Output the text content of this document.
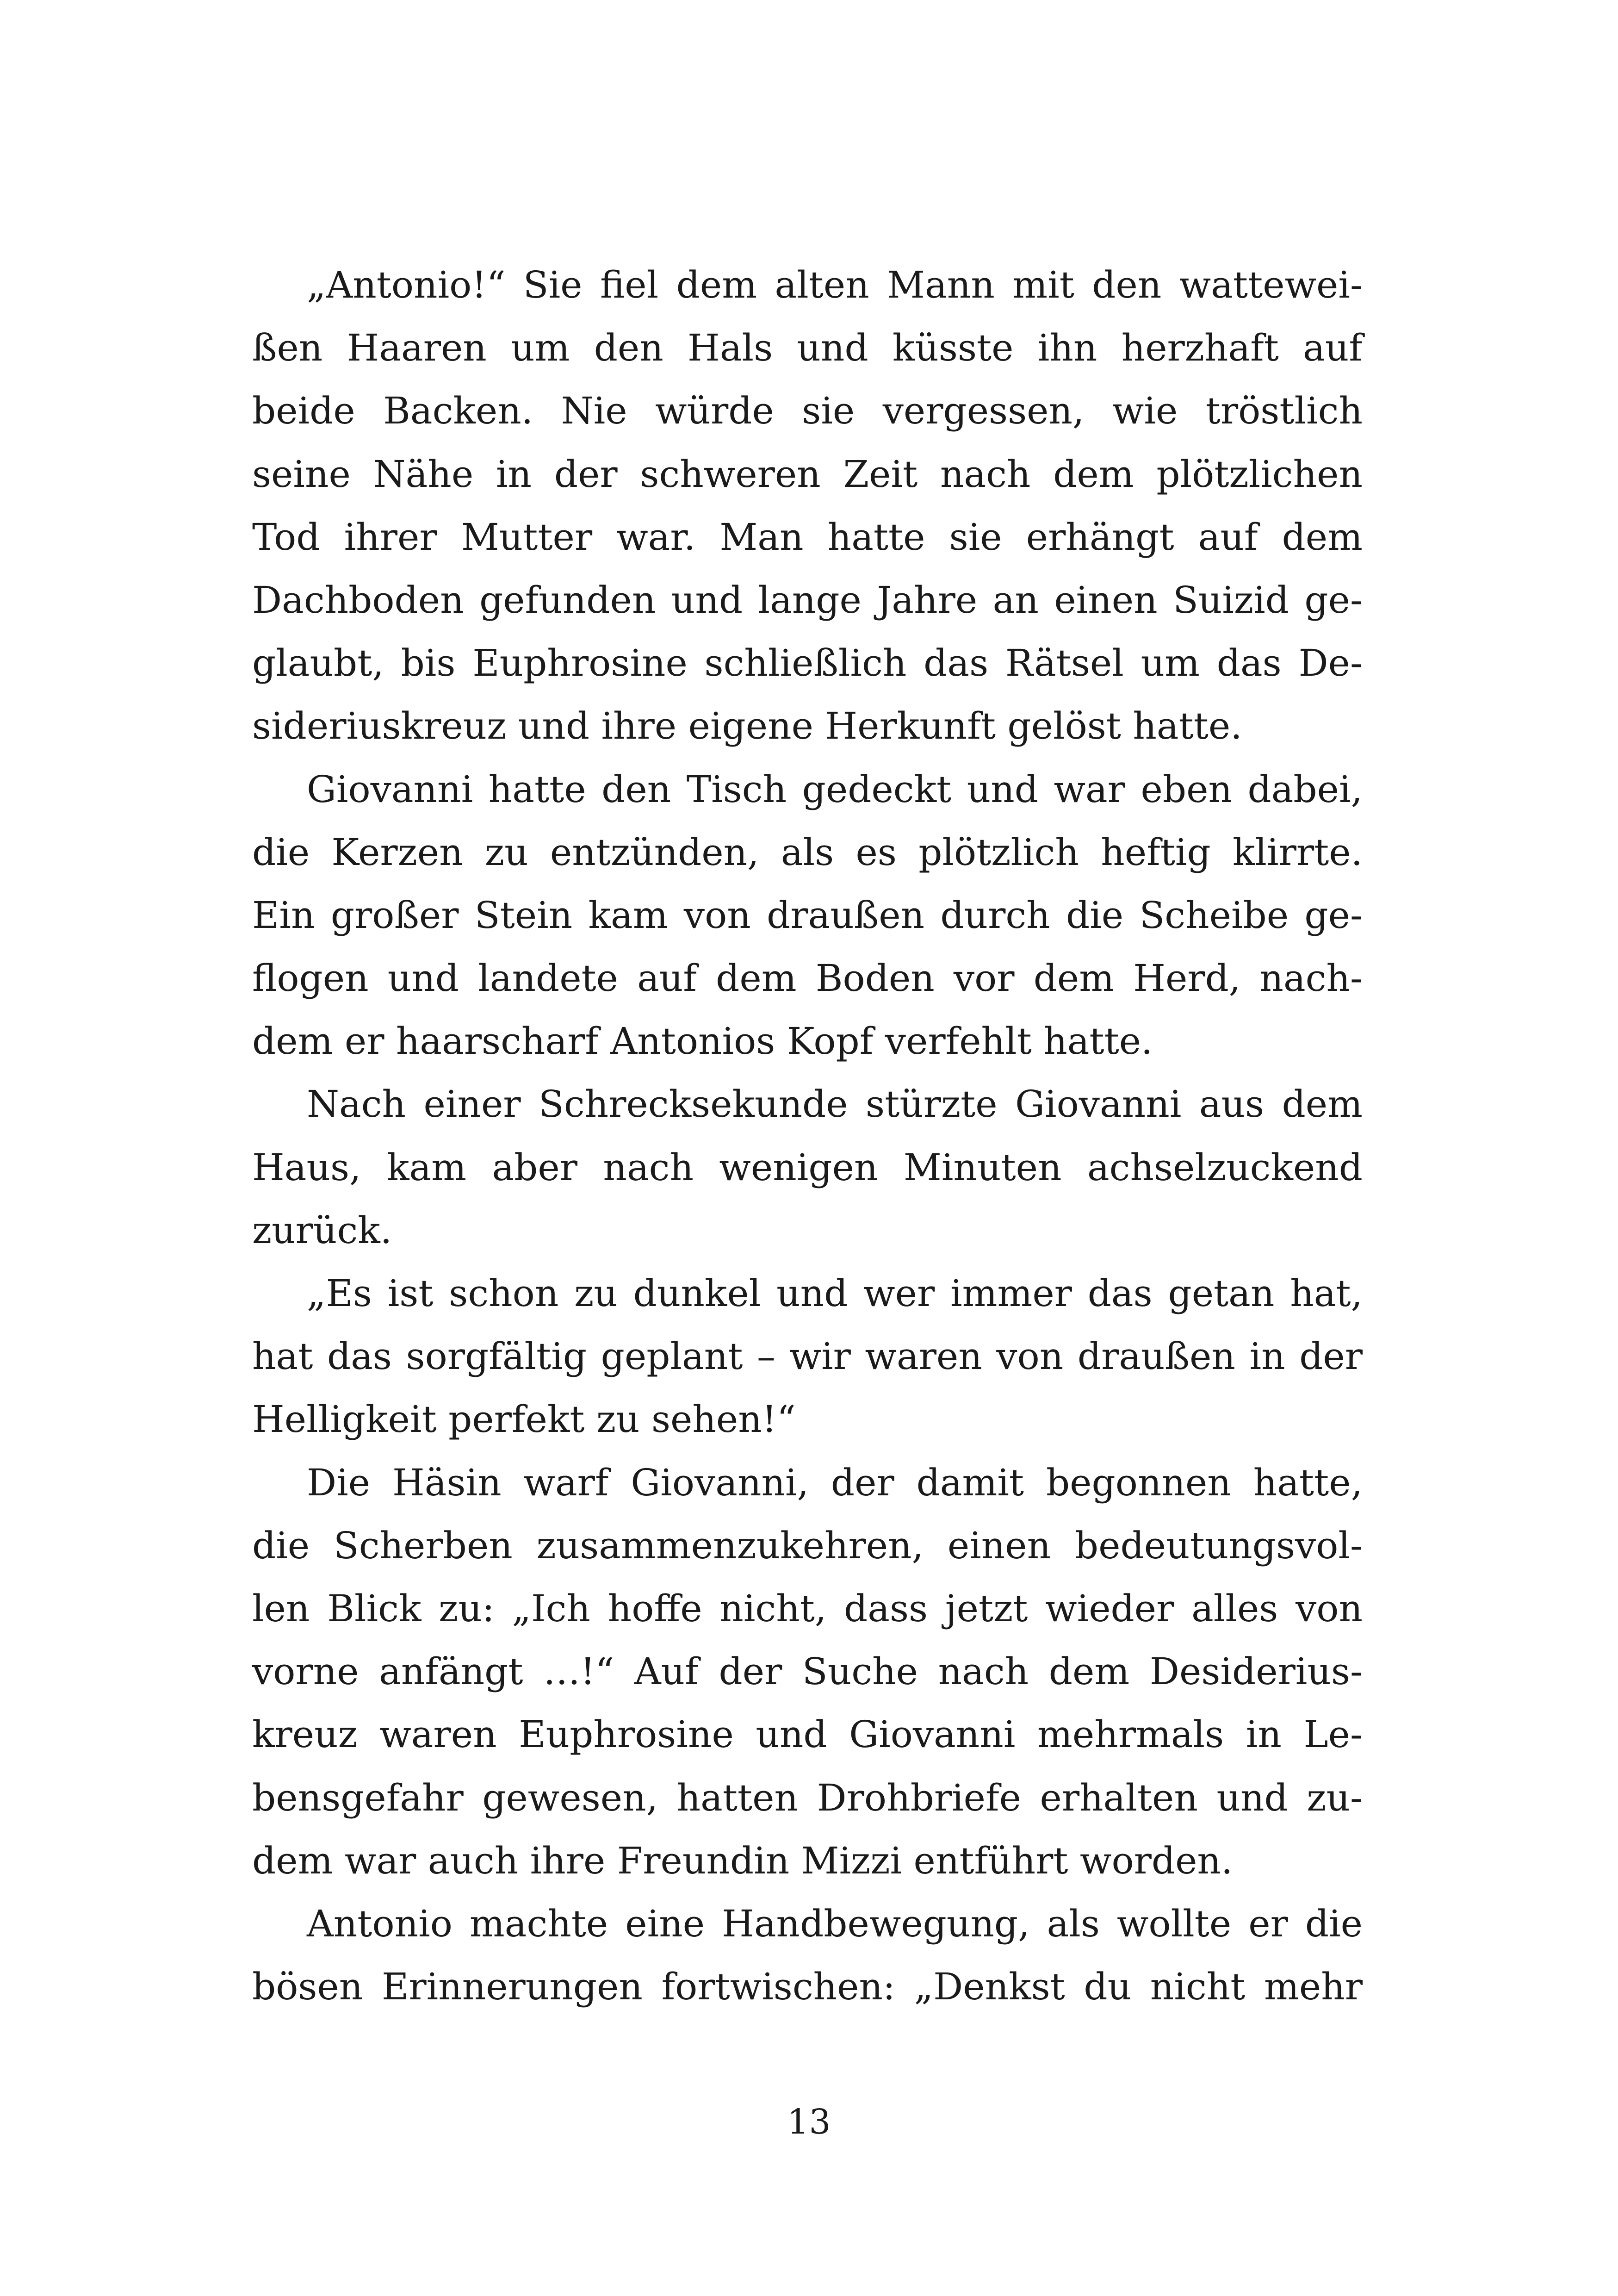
„Antonio!“ Sie fiel dem alten Mann mit den wattewei-
ßen Haaren um den Hals und küsste ihn herzhaft auf
beide Backen. Nie würde sie vergessen, wie tröstlich
seine Nähe in der schweren Zeit nach dem plötzlichen
Tod ihrer Mutter war. Man hatte sie erhängt auf dem
Dachboden gefunden und lange Jahre an einen Suizid ge-
glaubt, bis Euphrosine schließlich das Rätsel um das De-
sideriuskreuz und ihre eigene Herkunft gelöst hatte.
Giovanni hatte den Tisch gedeckt und war eben dabei,
die Kerzen zu entzünden, als es plötzlich heftig klirrte.
Ein großer Stein kam von draußen durch die Scheibe ge-
flogen und landete auf dem Boden vor dem Herd, nach-
dem er haarscharf Antonios Kopf verfehlt hatte.
Nach einer Schrecksekunde stürzte Giovanni aus dem
Haus, kam aber nach wenigen Minuten achselzuckend
zurück.
„Es ist schon zu dunkel und wer immer das getan hat,
hat das sorgfältig geplant – wir waren von draußen in der
Helligkeit perfekt zu sehen!“
Die Häsin warf Giovanni, der damit begonnen hatte,
die Scherben zusammenzukehren, einen bedeutungsvol-
len Blick zu: „Ich hoffe nicht, dass jetzt wieder alles von
vorne anfängt …!“ Auf der Suche nach dem Desiderius-
kreuz waren Euphrosine und Giovanni mehrmals in Le-
bensgefahr gewesen, hatten Drohbriefe erhalten und zu-
dem war auch ihre Freundin Mizzi entführt worden.
Antonio machte eine Handbewegung, als wollte er die
bösen Erinnerungen fortwischen: „Denkst du nicht mehr
13
